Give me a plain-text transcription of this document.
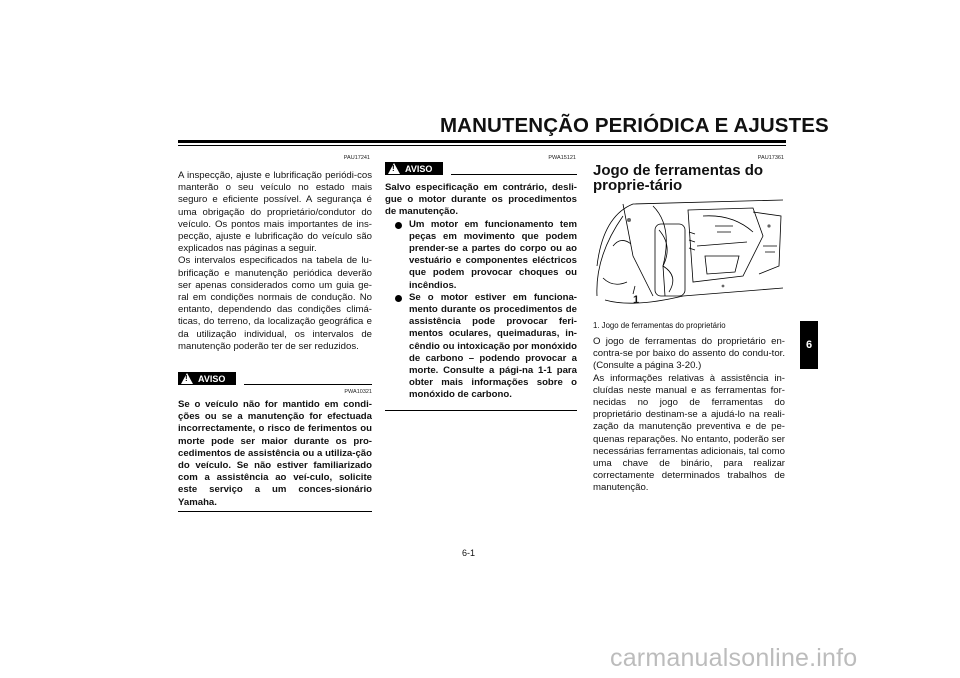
MANUTENÇÃO PERIÓDICA E AJUSTES
PAU17241

A inspecção, ajuste e lubrificação periódi-cos manterão o seu veículo no estado mais seguro e eficiente possível. A segurança é uma obrigação do proprietário/condutor do veículo. Os pontos mais importantes de ins-pecção, ajuste e lubrificação do veículo são explicados nas páginas a seguir.

Os intervalos especificados na tabela de lu-brificação e manutenção periódica deverão ser apenas considerados como um guia ge-ral em condições normais de condução. No entanto, dependendo das condições climá-ticas, do terreno, da localização geográfica e da utilização individual, os intervalos de manutenção poderão ter de ser reduzidos.

!
AVISO
PWA10321
Se o veículo não for mantido em condi-ções ou se a manutenção for efectuada incorrectamente, o risco de ferimentos ou morte pode ser maior durante os pro-cedimentos de assistência ou a utiliza-ção do veículo. Se não estiver familiarizado com a assistência ao veí-culo, solicite este serviço a um conces-sionário Yamaha.
PWA15121
!
AVISO

Salvo especificação em contrário, desli-gue o motor durante os procedimentos de manutenção.

Um motor em funcionamento tem peças em movimento que podem prender-se a partes do corpo ou ao vestuário e componentes eléctricos que podem provocar choques ou incêndios.
Se o motor estiver em funciona-mento durante os procedimentos de assistência pode provocar feri-mentos oculares, queimaduras, in-cêndio ou intoxicação por monóxido de carbono – podendo provocar a morte. Consulte a pági-na 1-1 para obter mais informações sobre o monóxido de carbono.
PAU17361
Jogo de ferramentas do proprie-tário
1
1. Jogo de ferramentas do proprietário

O jogo de ferramentas do proprietário en-contra-se por baixo do assento do condu-tor. (Consulte a página 3-20.)

As informações relativas à assistência in-cluídas neste manual e as ferramentas for-necidas no jogo de ferramentas do proprietário destinam-se a ajudá-lo na reali-zação da manutenção preventiva e de pe-quenas reparações. No entanto, poderão ser necessárias ferramentas adicionais, tal como uma chave de binário, para realizar correctamente determinados trabalhos de manutenção.

6
6-1
carmanualsonline.info
